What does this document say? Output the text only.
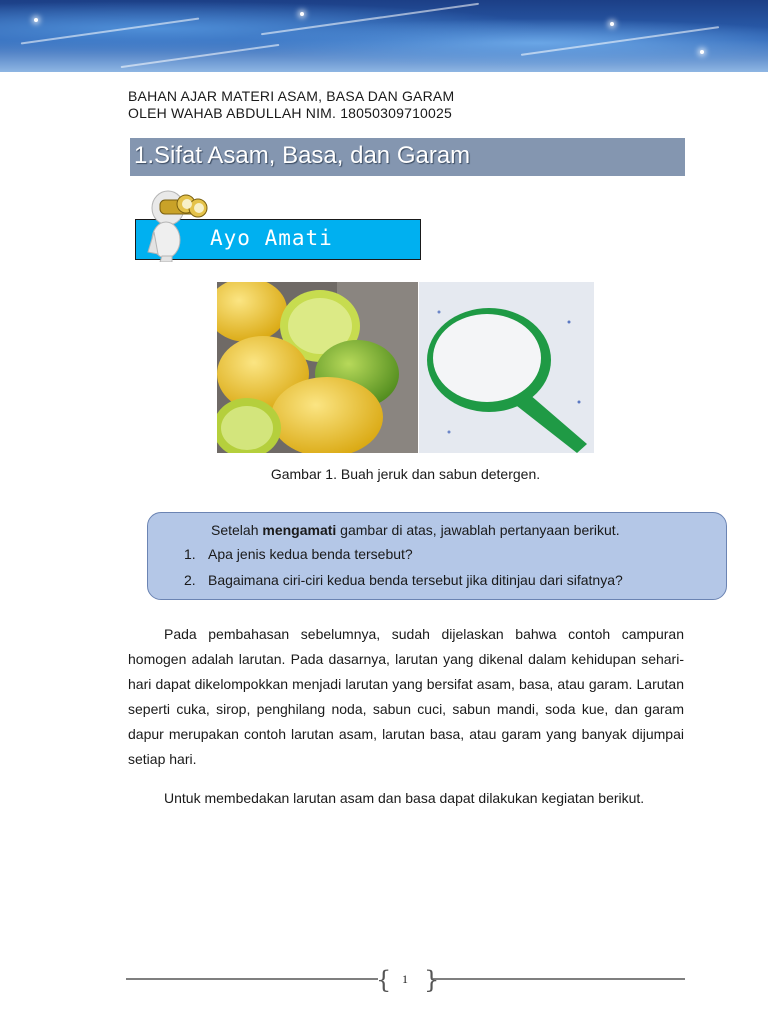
BAHAN AJAR MATERI ASAM, BASA DAN GARAM
OLEH WAHAB ABDULLAH NIM. 18050309710025
1.Sifat Asam, Basa, dan Garam
Ayo Amati
Gambar 1. Buah jeruk dan sabun detergen.
Setelah mengamati gambar di atas, jawablah pertanyaan berikut.
1. Apa jenis kedua benda tersebut?
2. Bagaimana ciri-ciri kedua benda tersebut jika ditinjau dari sifatnya?

Pada pembahasan sebelumnya, sudah dijelaskan bahwa contoh campuran homogen adalah larutan. Pada dasarnya, larutan yang dikenal dalam kehidupan sehari-hari dapat dikelompokkan menjadi larutan yang bersifat asam, basa, atau garam. Larutan seperti cuka, sirop, penghilang noda, sabun cuci, sabun mandi, soda kue, dan garam dapur merupakan contoh larutan asam, larutan basa, atau garam yang banyak dijumpai setiap hari.

Untuk membedakan larutan asam dan basa dapat dilakukan kegiatan berikut.

{ }
1
